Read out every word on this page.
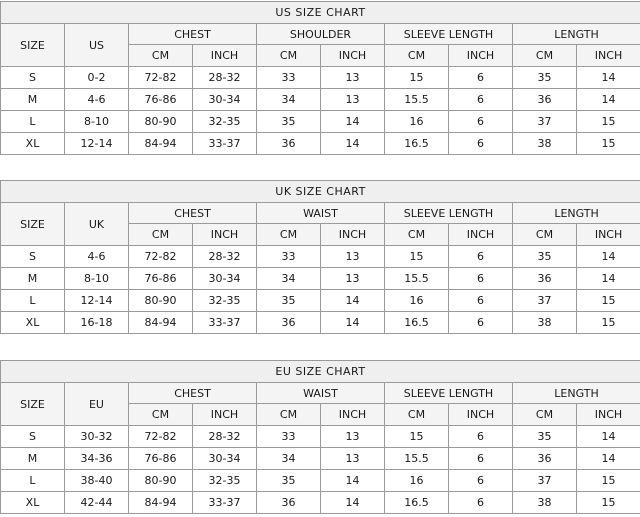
US SIZE CHART									
SIZE	US	CHEST		SHOULDER		SLEEVE LENGTH		LENGTH	
		CM	INCH	CM	INCH	CM	INCH	CM	INCH
S	0-2	72-82	28-32	33	13	15	6	35	14
M	4-6	76-86	30-34	34	13	15.5	6	36	14
L	8-10	80-90	32-35	35	14	16	6	37	15
XL	12-14	84-94	33-37	36	14	16.5	6	38	15
UK SIZE CHART									
SIZE	UK	CHEST		WAIST		SLEEVE LENGTH		LENGTH	
		CM	INCH	CM	INCH	CM	INCH	CM	INCH
S	4-6	72-82	28-32	33	13	15	6	35	14
M	8-10	76-86	30-34	34	13	15.5	6	36	14
L	12-14	80-90	32-35	35	14	16	6	37	15
XL	16-18	84-94	33-37	36	14	16.5	6	38	15
EU SIZE CHART									
SIZE	EU	CHEST		WAIST		SLEEVE LENGTH		LENGTH	
		CM	INCH	CM	INCH	CM	INCH	CM	INCH
S	30-32	72-82	28-32	33	13	15	6	35	14
M	34-36	76-86	30-34	34	13	15.5	6	36	14
L	38-40	80-90	32-35	35	14	16	6	37	15
XL	42-44	84-94	33-37	36	14	16.5	6	38	15
